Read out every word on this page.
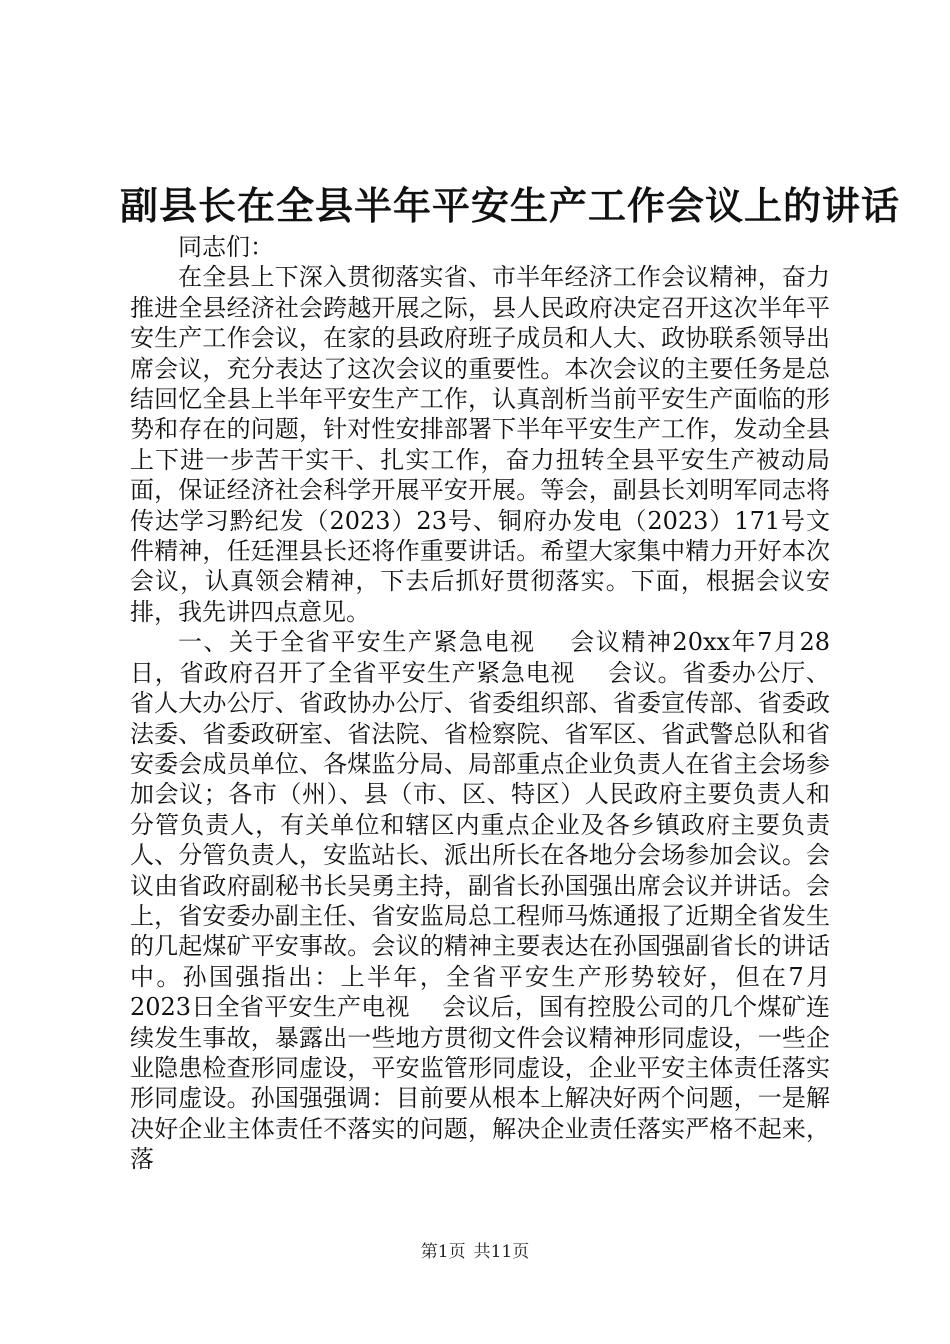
副县长在全县半年平安生产工作会议上的讲话

同志们：

在全县上下深入贯彻落实省、市半年经济工作会议精神，奋力推进全县经济社会跨越开展之际，县人民政府决定召开这次半年平安生产工作会议，在家的县政府班子成员和人大、政协联系领导出席会议，充分表达了这次会议的重要性。本次会议的主要任务是总结回忆全县上半年平安生产工作，认真剖析当前平安生产面临的形势和存在的问题，针对性安排部署下半年平安生产工作，发动全县上下进一步苦干实干、扎实工作，奋力扭转全县平安生产被动局面，保证经济社会科学开展平安开展。等会，副县长刘明军同志将传达学习黔纪发（2023）23号、铜府办发电（2023）171号文件精神，任廷浬县长还将作重要讲话。希望大家集中精力开好本次会议，认真领会精神，下去后抓好贯彻落实。下面，根据会议安排，我先讲四点意见。

一、关于全省平安生产紧急电视　 会议精神20xx年7月28日，省政府召开了全省平安生产紧急电视　 会议。省委办公厅、省人大办公厅、省政协办公厅、省委组织部、省委宣传部、省委政法委、省委政研室、省法院、省检察院、省军区、省武警总队和省安委会成员单位、各煤监分局、局部重点企业负责人在省主会场参加会议；各市（州）、县（市、区、特区）人民政府主要负责人和分管负责人，有关单位和辖区内重点企业及各乡镇政府主要负责人、分管负责人，安监站长、派出所长在各地分会场参加会议。会议由省政府副秘书长吴勇主持，副省长孙国强出席会议并讲话。会上，省安委办副主任、省安监局总工程师马炼通报了近期全省发生的几起煤矿平安事故。会议的精神主要表达在孙国强副省长的讲话中。孙国强指出：上半年，全省平安生产形势较好，但在7月2023日全省平安生产电视　 会议后，国有控股公司的几个煤矿连续发生事故，暴露出一些地方贯彻文件会议精神形同虚设，一些企业隐患检查形同虚设，平安监管形同虚设，企业平安主体责任落实形同虚设。孙国强强调：目前要从根本上解决好两个问题，一是解决好企业主体责任不落实的问题，解决企业责任落实严格不起来，落

第1页 共11页
